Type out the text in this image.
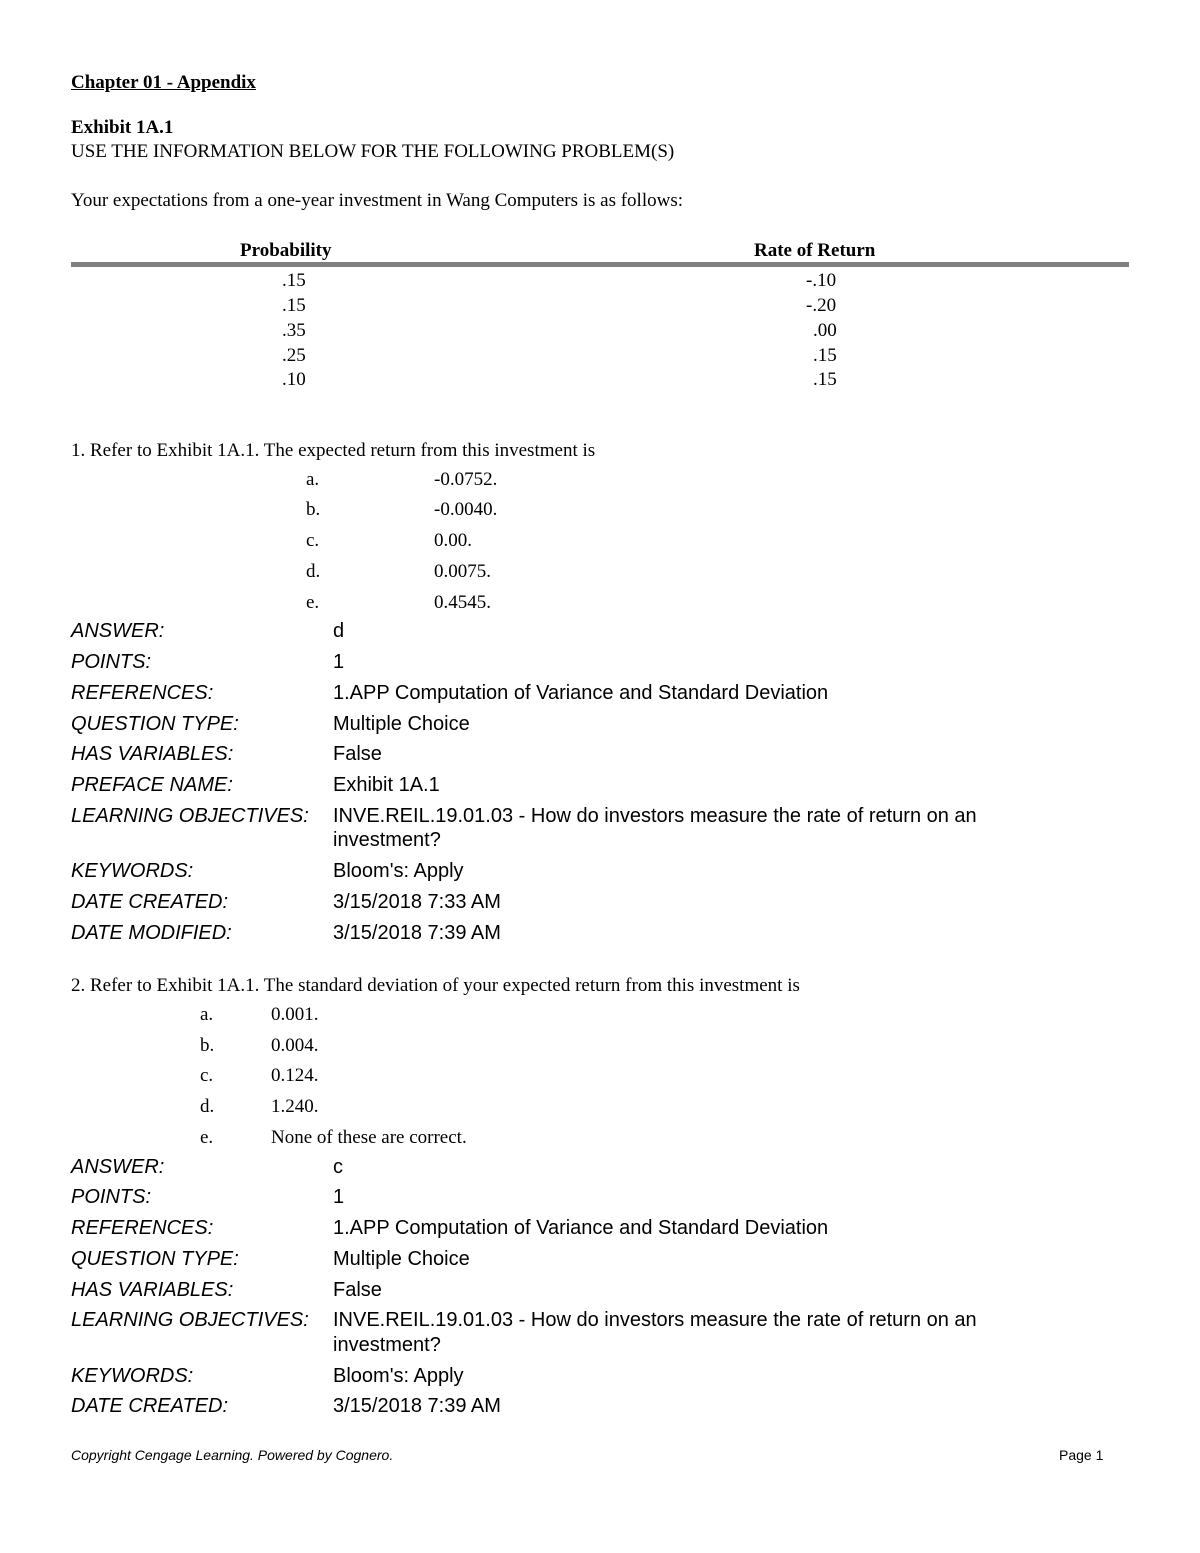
Chapter 01 - Appendix
Exhibit 1A.1
USE THE INFORMATION BELOW FOR THE FOLLOWING PROBLEM(S)
Your expectations from a one-year investment in Wang Computers is as follows:
Probability	Rate of Return
.15	-.10
.15	-.20
.35	.00
.25	.15
.10	.15
1. Refer to Exhibit 1A.1. The expected return from this investment is
a.	-0.0752.
b.	-0.0040.
c.	0.00.
d.	0.0075.
e.	0.4545.
ANSWER:	d
POINTS:	1
REFERENCES:	1.APP Computation of Variance and Standard Deviation
QUESTION TYPE:	Multiple Choice
HAS VARIABLES:	False
PREFACE NAME:	Exhibit 1A.1
LEARNING OBJECTIVES: INVE.REIL.19.01.03 - How do investors measure the rate of return on an
investment?
KEYWORDS:	Bloom's: Apply
DATE CREATED:	3/15/2018 7:33 AM
DATE MODIFIED:	3/15/2018 7:39 AM
2. Refer to Exhibit 1A.1. The standard deviation of your expected return from this investment is
a.	0.001.
b.	0.004.
c.	0.124.
d.	1.240.
e.	None of these are correct.
ANSWER:	c
POINTS:	1
REFERENCES:	1.APP Computation of Variance and Standard Deviation
QUESTION TYPE:	Multiple Choice
HAS VARIABLES:	False
LEARNING OBJECTIVES: INVE.REIL.19.01.03 - How do investors measure the rate of return on an
investment?
KEYWORDS:	Bloom's: Apply
DATE CREATED:	3/15/2018 7:39 AM
Copyright Cengage Learning. Powered by Cognero.	Page 1
